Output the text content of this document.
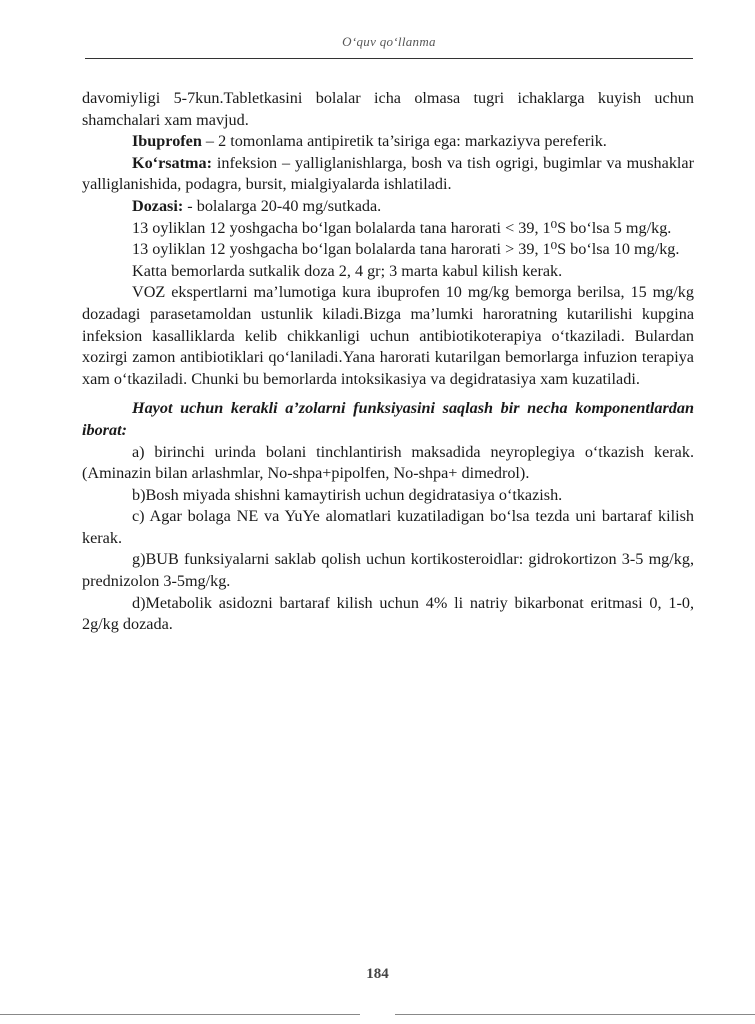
O‘quv qo‘llanma

davomiyligi 5-7kun.Tabletkasini bolalar icha olmasa tugri ichaklarga kuyish uchun shamchalari xam mavjud.

Ibuprofen – 2 tomonlama antipiretik ta’siriga ega: markaziyva pereferik.

Ko‘rsatma: infeksion – yalliglanishlarga, bosh va tish ogrigi, bugimlar va mushaklar yalliglanishida, podagra, bursit, mialgiyalarda ishlatiladi.

Dozasi: - bolalarga 20-40 mg/sutkada.

13 oyliklan 12 yoshgacha bo‘lgan bolalarda tana harorati < 39, 1⁰S bo‘lsa 5 mg/kg.

13 oyliklan 12 yoshgacha bo‘lgan bolalarda tana harorati > 39, 1⁰S bo‘lsa 10 mg/kg.

Katta bemorlarda sutkalik doza 2, 4 gr; 3 marta kabul kilish kerak.

VOZ ekspertlarni ma’lumotiga kura ibuprofen 10 mg/kg bemorga berilsa, 15 mg/kg dozadagi parasetamoldan ustunlik kiladi.Bizga ma’lumki haroratning kutarilishi kupgina infeksion kasalliklarda kelib chikkanligi uchun antibiotikoterapiya o‘tkaziladi. Bulardan xozirgi zamon antibiotiklari qo‘laniladi.Yana harorati kutarilgan bemorlarga infuzion terapiya xam o‘tkaziladi. Chunki bu bemorlarda intoksikasiya va degidratasiya xam kuzatiladi.

Hayot uchun kerakli a’zolarni funksiyasini saqlash bir necha komponentlardan iborat:

a) birinchi urinda bolani tinchlantirish maksadida neyroplegiya o‘tkazish kerak.(Aminazin bilan arlashmlar, No-shpa+pipolfen, No-shpa+ dimedrol).

b)Bosh miyada shishni kamaytirish uchun degidratasiya o‘tkazish.

c) Agar bolaga NE va YuYe alomatlari kuzatiladigan bo‘lsa tezda uni bartaraf kilish kerak.

g)BUB funksiyalarni saklab qolish uchun kortikosteroidlar: gidrokortizon 3-5 mg/kg, prednizolon 3-5mg/kg.

d)Metabolik asidozni bartaraf kilish uchun 4% li natriy bikarbonat eritmasi 0, 1-0, 2g/kg dozada.

184
